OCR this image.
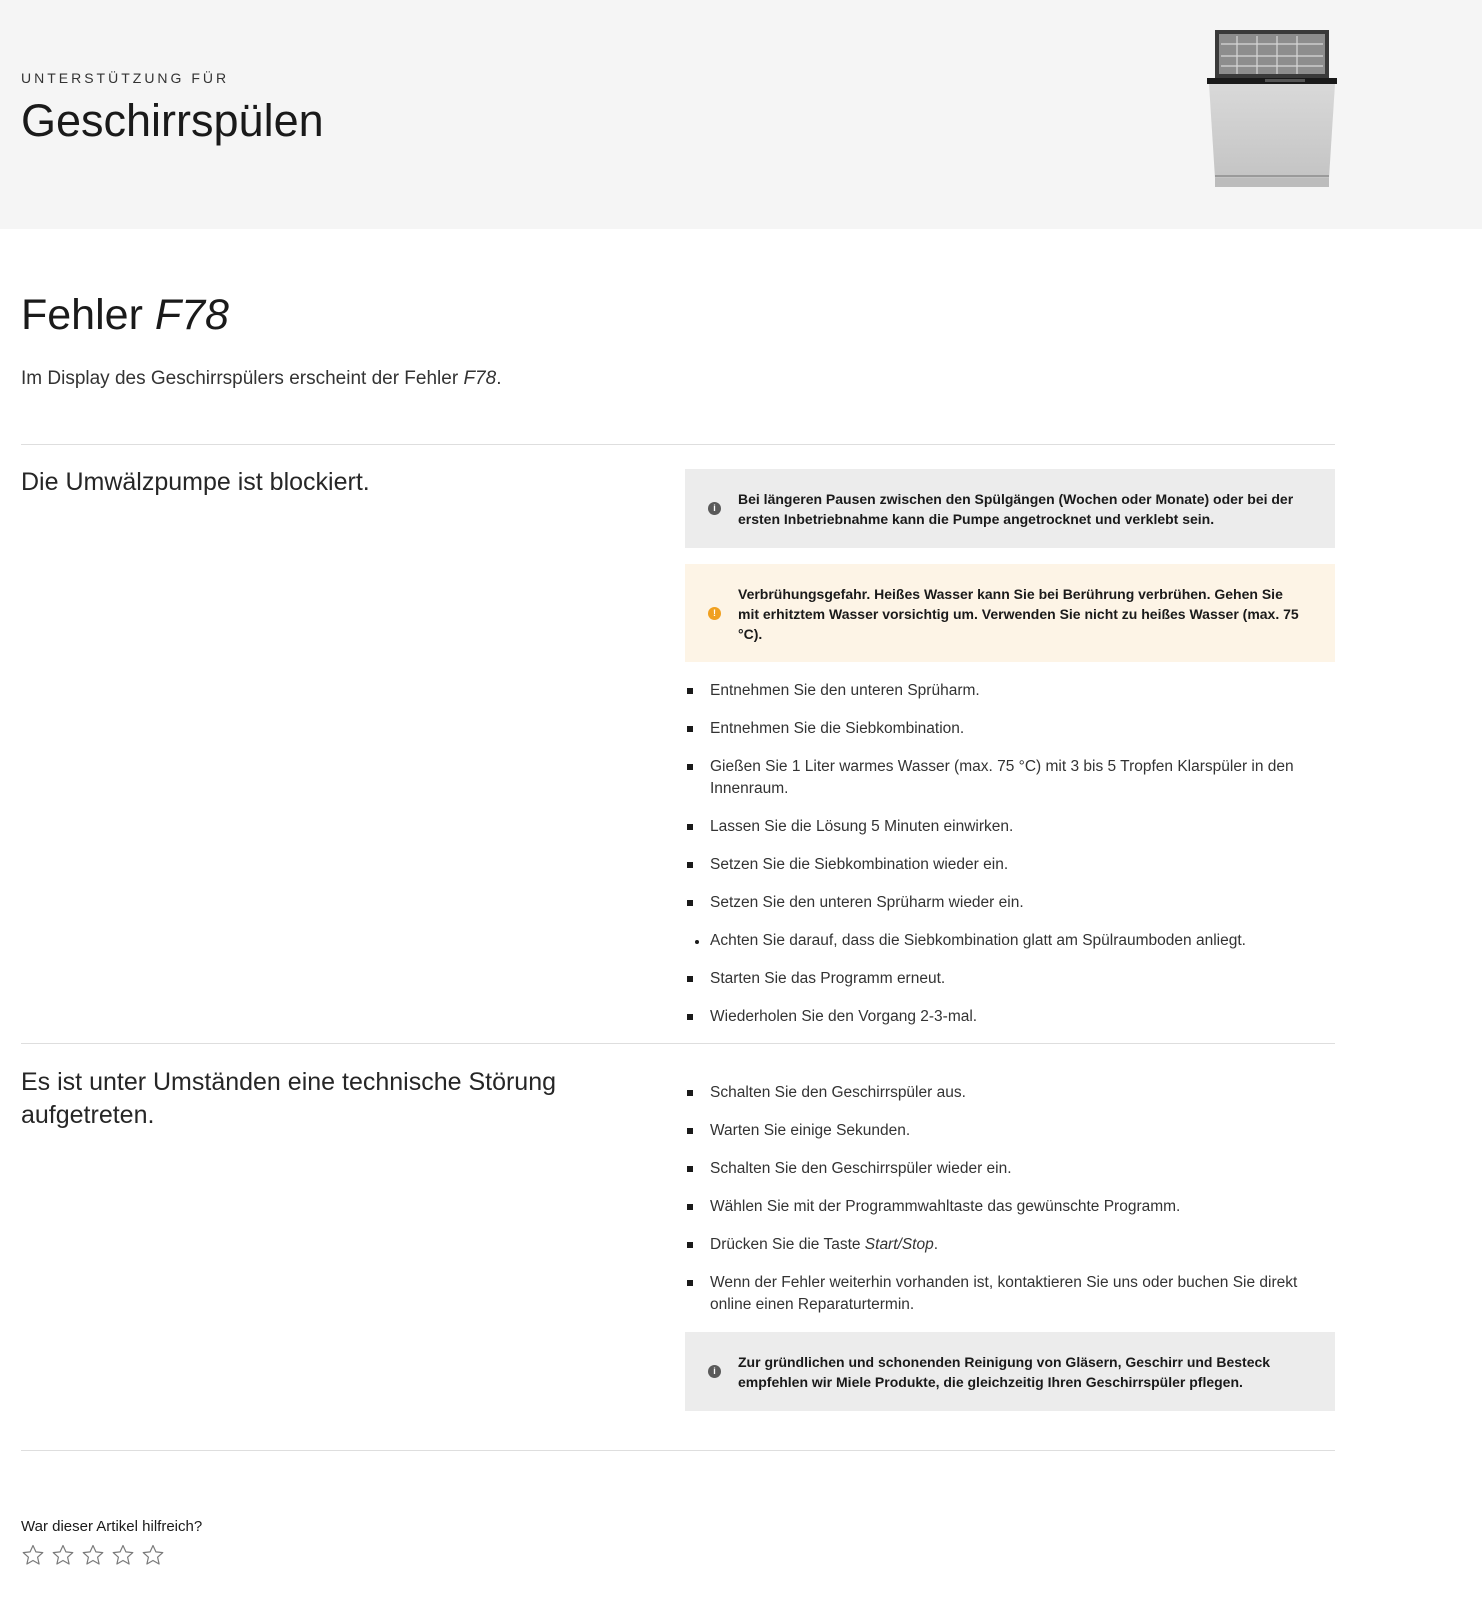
UNTERSTÜTZUNG FÜR
Geschirrspülen
Fehler F78

Im Display des Geschirrspülers erscheint der Fehler F78.

Die Umwälzpumpe ist blockiert.
i
Bei längeren Pausen zwischen den Spülgängen (Wochen oder Monate) oder bei der ersten Inbetriebnahme kann die Pumpe angetrocknet und verklebt sein.
!
Verbrühungsgefahr. Heißes Wasser kann Sie bei Berührung verbrühen. Gehen Sie mit erhitztem Wasser vorsichtig um. Verwenden Sie nicht zu heißes Wasser (max. 75 °C).
Entnehmen Sie den unteren Sprüharm.
Entnehmen Sie die Siebkombination.
Gießen Sie 1 Liter warmes Wasser (max. 75 °C) mit 3 bis 5 Tropfen Klarspüler in den Innenraum.
Lassen Sie die Lösung 5 Minuten einwirken.
Setzen Sie die Siebkombination wieder ein.
Setzen Sie den unteren Sprüharm wieder ein.
Achten Sie darauf, dass die Siebkombination glatt am Spülraumboden anliegt.
Starten Sie das Programm erneut.
Wiederholen Sie den Vorgang 2-3-mal.
Es ist unter Umständen eine technische Störung aufgetreten.
Schalten Sie den Geschirrspüler aus.
Warten Sie einige Sekunden.
Schalten Sie den Geschirrspüler wieder ein.
Wählen Sie mit der Programmwahltaste das gewünschte Programm.
Drücken Sie die Taste Start/Stop.
Wenn der Fehler weiterhin vorhanden ist, kontaktieren Sie uns oder buchen Sie direkt online einen Reparaturtermin.
i
Zur gründlichen und schonenden Reinigung von Gläsern, Geschirr und Besteck empfehlen wir Miele Produkte, die gleichzeitig Ihren Geschirrspüler pflegen.
War dieser Artikel hilfreich?
